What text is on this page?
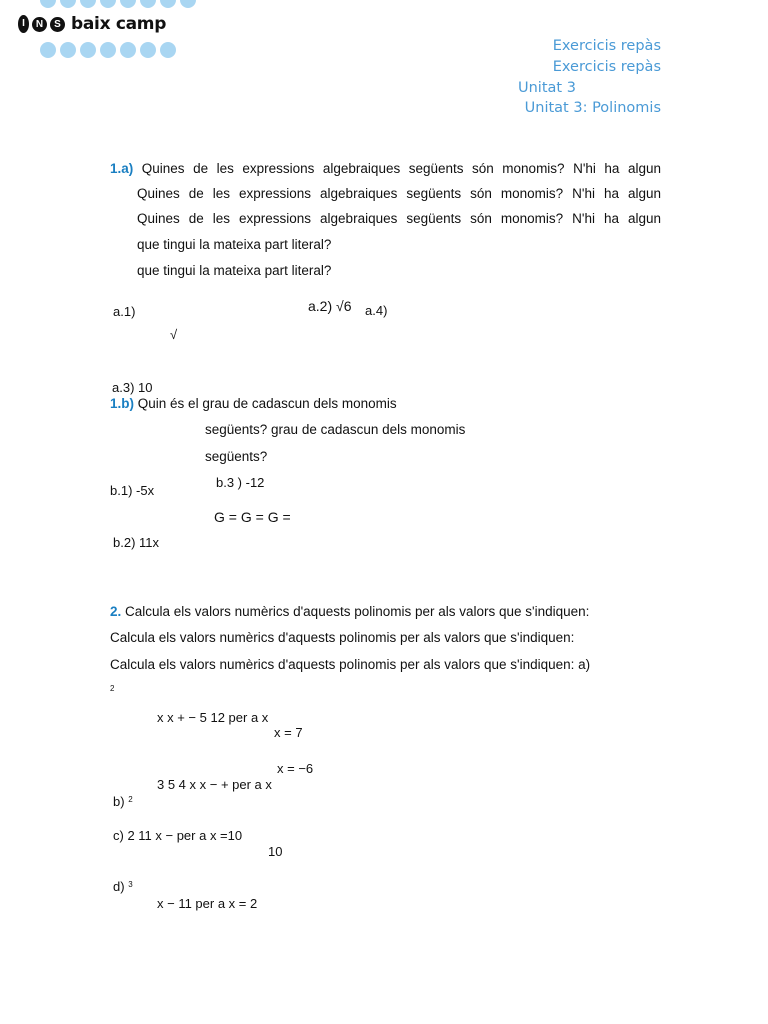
I	N	S baix camp
Exercicis repàs
Exercicis repàs
Unitat 3
Unitat 3: Polinomis
1.a) Quines de les expressions algebraiques següents són monomis? N'hi ha algun
Quines de les expressions algebraiques següents són monomis? N'hi ha algun
Quines de les expressions algebraiques següents són monomis? N'hi ha algun
que tingui la mateixa part literal?
que tingui la mateixa part literal?
a.1)	a.2) √6 a.4)
√
a.3) 10
1.b) Quin és el grau de cadascun dels monomis
següents? grau de cadascun dels monomis
següents?
b.1) -5x
b.3 ) -12
G = G = G =
b.2) 11x
2. Calcula els valors numèrics d'aquests polinomis per als valors que s'indiquen:
Calcula els valors numèrics d'aquests polinomis per als valors que s'indiquen:
Calcula els valors numèrics d'aquests polinomis per als valors que s'indiquen: a)
2
x x + − 5 12 per a x
x = 7
x = −6
3 5 4 x x − + per a x
b) $^2$
c) 2 11 x − per a x =10
10
d) $^3$
x − 11 per a x = 2
